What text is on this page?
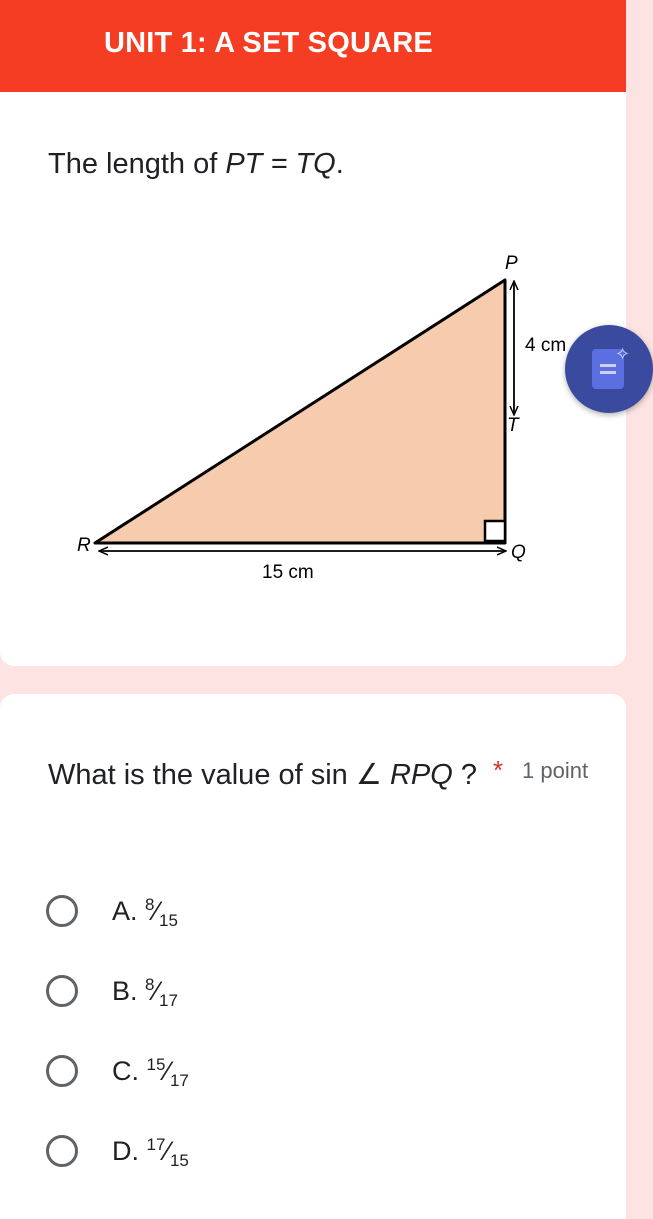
UNIT 1: A SET SQUARE
The length of PT = TQ.
P
T
Q
R
4 cm
15 cm
✧
What is the value of sin ∠ RPQ ? * 1 point
A. $^8⁄_{15}$
B. $^8⁄_{17}$
C. $^{15}⁄_{17}$
D. $^{17}⁄_{15}$
